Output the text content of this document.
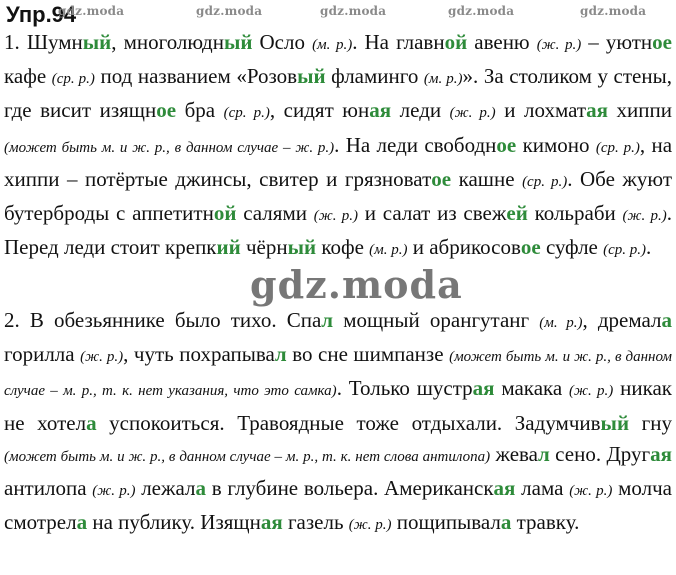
Упр.94
gdz.moda	gdz.moda	gdz.moda	gdz.moda	gdz.moda

1. Шумный, многолюдный Осло (м. р.). На главной авеню (ж. р.) – уютное кафе (ср. р.) под названием «Розовый фламинго (м. р.)». За столиком у стены, где висит изящное бра (ср. р.), сидят юная леди (ж. р.) и лохматая хиппи (может быть м. и ж. р., в данном случае – ж. р.). На леди свободное кимоно (ср. р.), на хиппи – потёртые джинсы, свитер и грязноватое кашне (ср. р.). Обе жуют бутерброды с аппетитной салями (ж. р.) и салат из свежей кольраби (ж. р.). Перед леди стоит крепкий чёрный кофе (м. р.) и абрикосовое суфле (ср. р.).

gdz.moda

2. В обезьяннике было тихо. Спал мощный орангутанг (м. р.), дремала горилла (ж. р.), чуть похрапывал во сне шимпанзе (может быть м. и ж. р., в данном случае – м. р., т. к. нет указания, что это самка). Только шустрая макака (ж. р.) никак не хотела успокоиться. Травоядные тоже отдыхали. Задумчивый гну (может быть м. и ж. р., в данном случае – м. р., т. к. нет слова антилопа) жевал сено. Другая антилопа (ж. р.) лежала в глубине вольера. Американская лама (ж. р.) молча смотрела на публику. Изящная газель (ж. р.) пощипывала травку.
